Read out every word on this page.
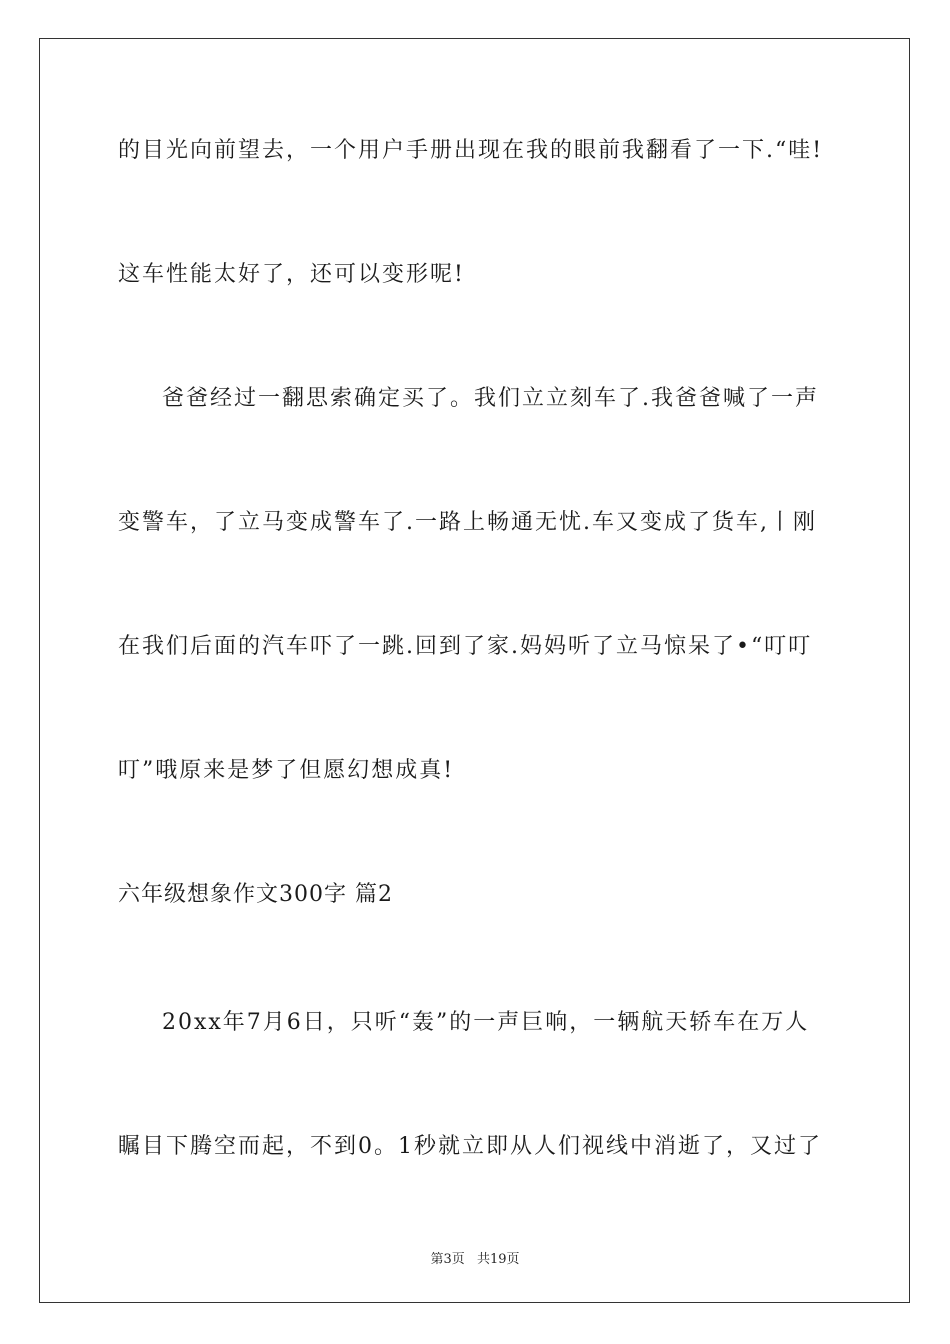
的目光向前望去，一个用户手册出现在我的眼前我翻看了一下.“哇!
这车性能太好了，还可以变形呢!
爸爸经过一翻思索确定买了。我们立立刻车了.我爸爸喊了一声
变警车，了立马变成警车了.一路上畅通无忧.车又变成了货车,丨刚
在我们后面的汽车吓了一跳.回到了家.妈妈听了立马惊呆了•“叮叮
叮”哦原来是梦了但愿幻想成真!
六年级想象作文300字 篇2
20xx年7月6日，只听“轰”的一声巨响，一辆航天轿车在万人
瞩目下腾空而起，不到0。1秒就立即从人们视线中消逝了，又过了
第3页 共19页
